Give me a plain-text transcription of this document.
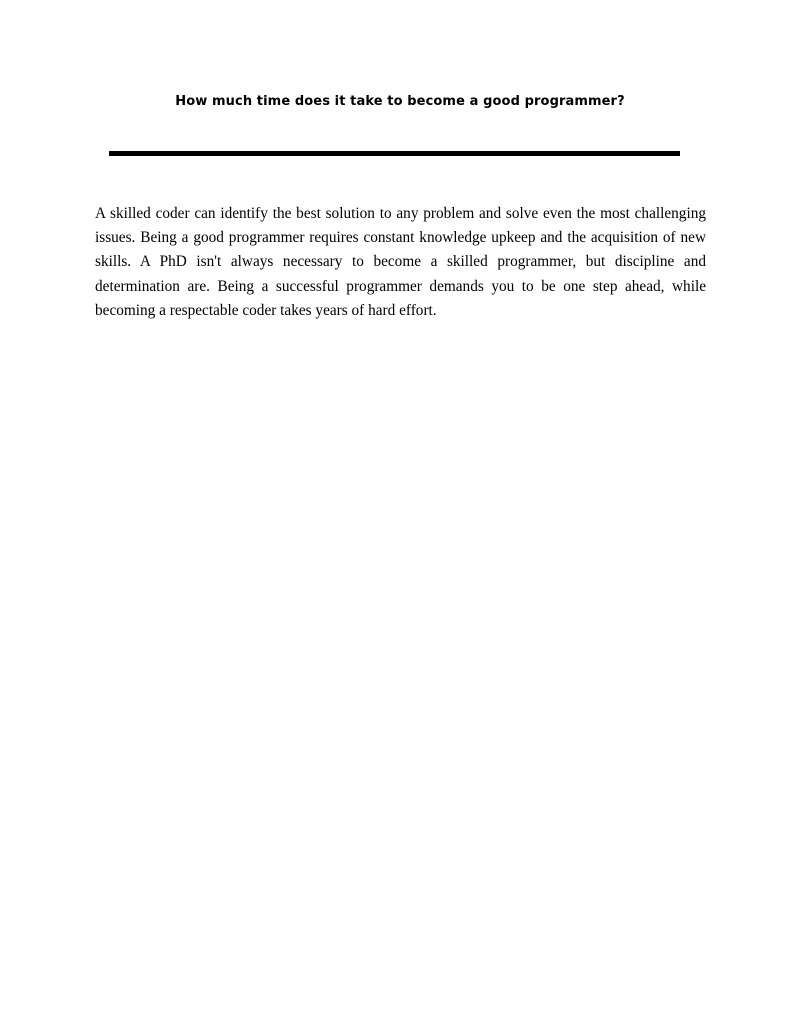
How much time does it take to become a good programmer?

A skilled coder can identify the best solution to any problem and solve even the most challenging issues. Being a good programmer requires constant knowledge upkeep and the acquisition of new skills. A PhD isn't always necessary to become a skilled programmer, but discipline and determination are. Being a successful programmer demands you to be one step ahead, while becoming a respectable coder takes years of hard effort.
